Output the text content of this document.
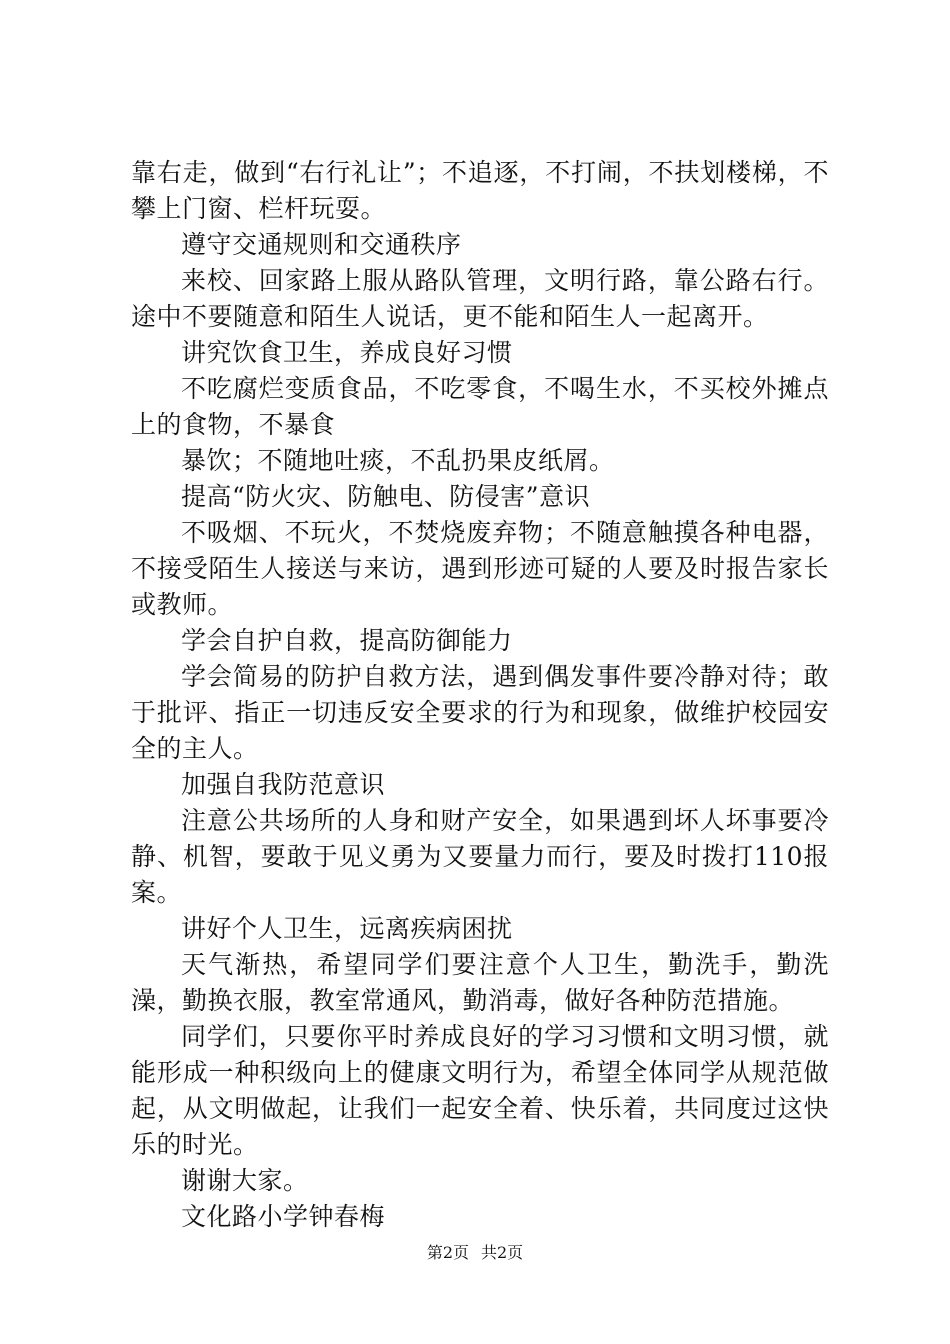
靠右走，做到“右行礼让”；不追逐，不打闹，不扶划楼梯，不攀上门窗、栏杆玩耍。

遵守交通规则和交通秩序

来校、回家路上服从路队管理，文明行路，靠公路右行。途中不要随意和陌生人说话，更不能和陌生人一起离开。

讲究饮食卫生，养成良好习惯

不吃腐烂变质食品，不吃零食，不喝生水，不买校外摊点上的食物，不暴食

暴饮；不随地吐痰，不乱扔果皮纸屑。

提高“防火灾、防触电、防侵害”意识

不吸烟、不玩火，不焚烧废弃物；不随意触摸各种电器，不接受陌生人接送与来访，遇到形迹可疑的人要及时报告家长或教师。

学会自护自救，提高防御能力

学会简易的防护自救方法，遇到偶发事件要冷静对待；敢于批评、指正一切违反安全要求的行为和现象，做维护校园安全的主人。

加强自我防范意识

注意公共场所的人身和财产安全，如果遇到坏人坏事要冷静、机智，要敢于见义勇为又要量力而行，要及时拨打110报案。

讲好个人卫生，远离疾病困扰

天气渐热，希望同学们要注意个人卫生，勤洗手，勤洗澡，勤换衣服，教室常通风，勤消毒，做好各种防范措施。

同学们，只要你平时养成良好的学习习惯和文明习惯，就能形成一种积级向上的健康文明行为，希望全体同学从规范做起，从文明做起，让我们一起安全着、快乐着，共同度过这快乐的时光。

谢谢大家。

文化路小学钟春梅

第2页 共2页
